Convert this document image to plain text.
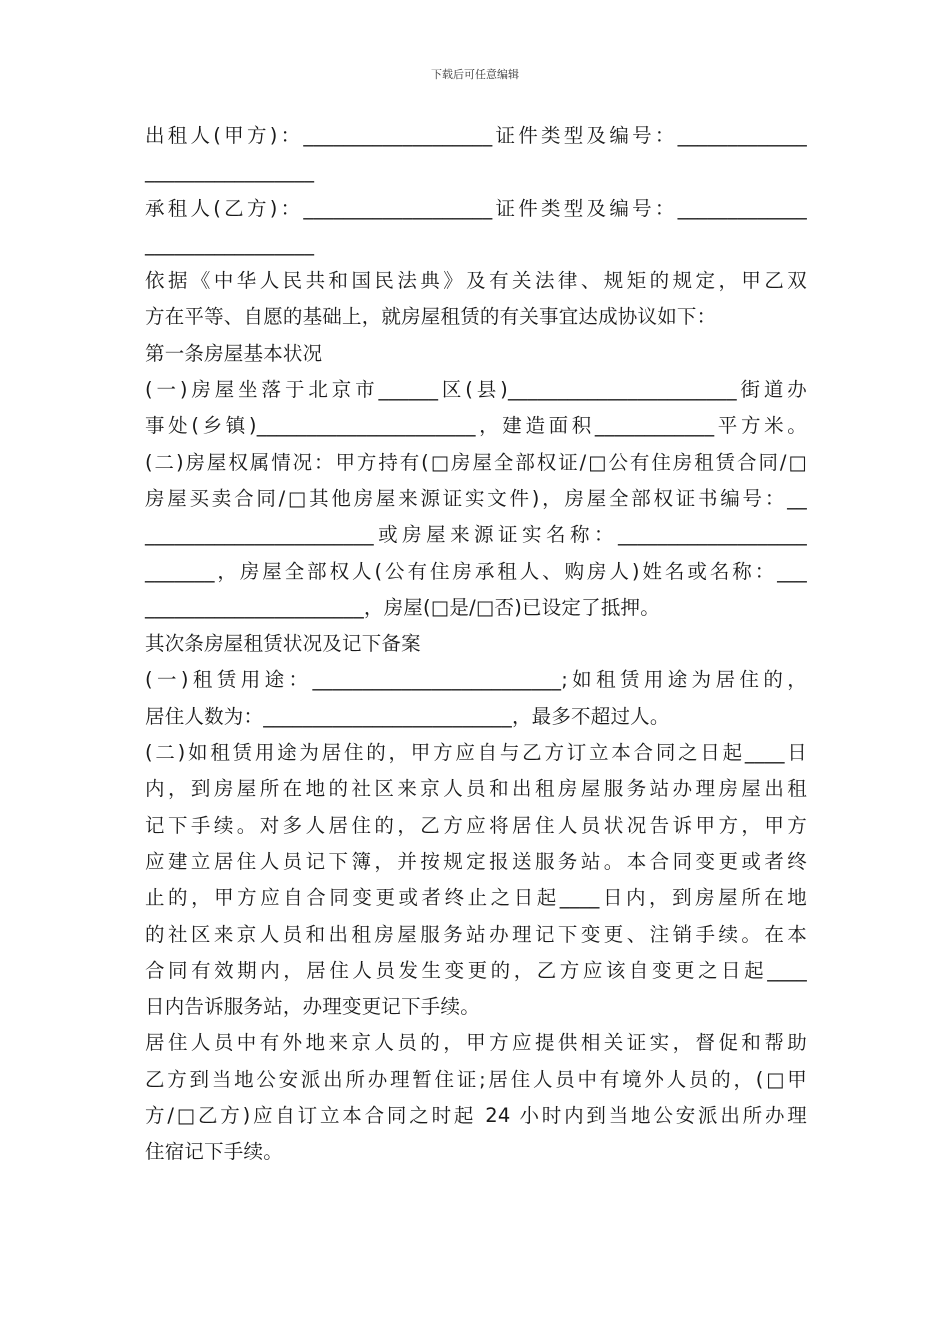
下载后可任意编辑
出租人(甲方)：___________________证件类型及编号：_____________
_________________
承租人(乙方)：___________________证件类型及编号：_____________
_________________
依据《中华人民共和国民法典》及有关法律、规矩的规定，甲乙双
方在平等、自愿的基础上，就房屋租赁的有关事宜达成协议如下：
第一条房屋基本状况
(一)房屋坐落于北京市______区(县)_______________________街道办
事处(乡镇)______________________，建造面积____________平方米。
(二)房屋权属情况：甲方持有(□房屋全部权证/□公有住房租赁合同/□
房屋买卖合同/□其他房屋来源证实文件)，房屋全部权证书编号：__
_______________________或房屋来源证实名称：___________________
_______，房屋全部权人(公有住房承租人、购房人)姓名或名称：___
______________________，房屋(□是/□否)已设定了抵押。
其次条房屋租赁状况及记下备案
(一)租赁用途：_________________________;如租赁用途为居住的，
居住人数为：_________________________，最多不超过人。
(二)如租赁用途为居住的，甲方应自与乙方订立本合同之日起____日
内，到房屋所在地的社区来京人员和出租房屋服务站办理房屋出租
记下手续。对多人居住的，乙方应将居住人员状况告诉甲方，甲方
应建立居住人员记下簿，并按规定报送服务站。本合同变更或者终
止的，甲方应自合同变更或者终止之日起____日内，到房屋所在地
的社区来京人员和出租房屋服务站办理记下变更、注销手续。在本
合同有效期内，居住人员发生变更的，乙方应该自变更之日起____
日内告诉服务站，办理变更记下手续。
居住人员中有外地来京人员的，甲方应提供相关证实，督促和帮助
乙方到当地公安派出所办理暂住证;居住人员中有境外人员的，(□甲
方/□乙方)应自订立本合同之时起 24 小时内到当地公安派出所办理
住宿记下手续。
